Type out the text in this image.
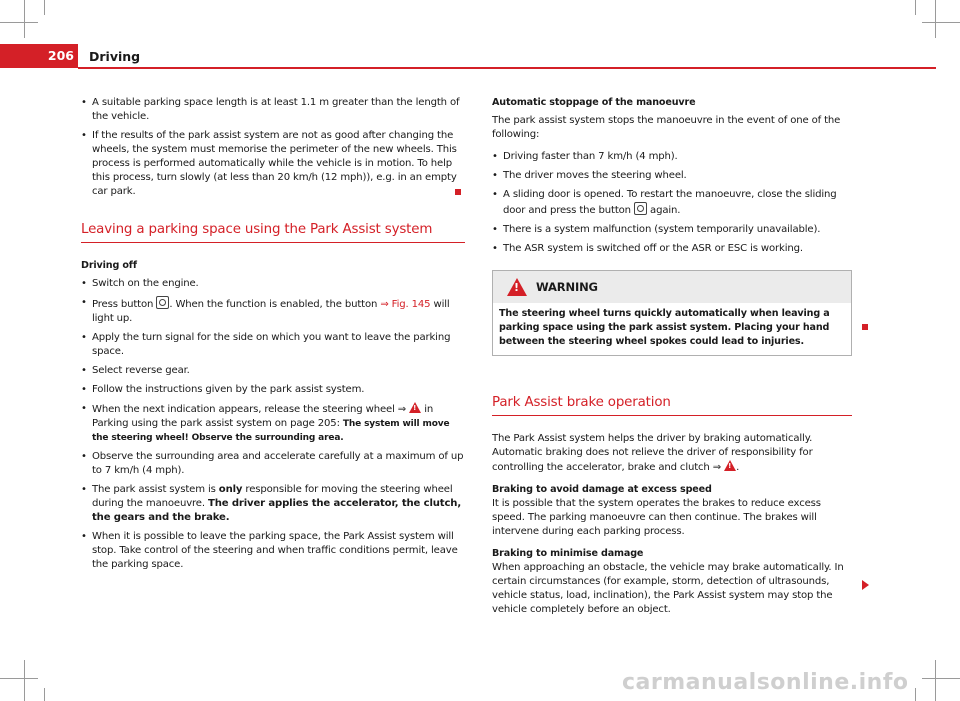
206	Driving
• A suitable parking space length is at least 1.1 m greater than the length of the vehicle.
• If the results of the park assist system are not as good after changing the wheels, the system must memorise the perimeter of the new wheels. This process is performed automatically while the vehicle is in motion. To help this process, turn slowly (at less than 20 km/h (12 mph)), e.g. in an empty car park.
Leaving a parking space using the Park Assist system
Driving off
• Switch on the engine.
• Press button . When the function is enabled, the button ⇒ Fig. 145 will light up.
• Apply the turn signal for the side on which you want to leave the parking space.
• Select reverse gear.
• Follow the instructions given by the park assist system.
• When the next indication appears, release the steering wheel ⇒ ! in Parking using the park assist system on page 205: The system will move the steering wheel! Observe the surrounding area.
• Observe the surrounding area and accelerate carefully at a maximum of up to 7 km/h (4 mph).
• The park assist system is only responsible for moving the steering wheel during the manoeuvre. The driver applies the accelerator, the clutch, the gears and the brake.
• When it is possible to leave the parking space, the Park Assist system will stop. Take control of the steering and when traffic conditions permit, leave the parking space.
Automatic stoppage of the manoeuvre

The park assist system stops the manoeuvre in the event of one of the following:

• Driving faster than 7 km/h (4 mph).
• The driver moves the steering wheel.
• A sliding door is opened. To restart the manoeuvre, close the sliding door and press the button again.
• There is a system malfunction (system temporarily unavailable).
• The ASR system is switched off or the ASR or ESC is working.
!
WARNING
The steering wheel turns quickly automatically when leaving a parking space using the park assist system. Placing your hand between the steering wheel spokes could lead to injuries.
Park Assist brake operation

The Park Assist system helps the driver by braking automatically. Automatic braking does not relieve the driver of responsibility for controlling the accelerator, brake and clutch ⇒ ! .

Braking to avoid damage at excess speed

It is possible that the system operates the brakes to reduce excess speed. The parking manoeuvre can then continue. The brakes will intervene during each parking process.

Braking to minimise damage

When approaching an obstacle, the vehicle may brake automatically. In certain circumstances (for example, storm, detection of ultrasounds, vehicle status, load, inclination), the Park Assist system may stop the vehicle completely before an object.

carmanualsonline.info
